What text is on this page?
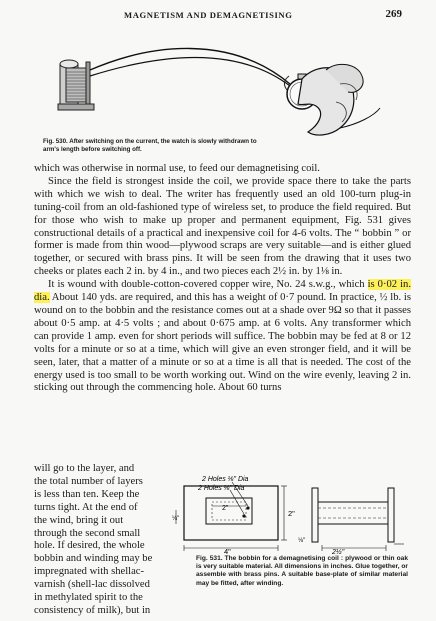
MAGNETISM AND DEMAGNETISING	269
Fig. 530. After switching on the current, the watch is slowly withdrawn to arm's length before switching off.

which was otherwise in normal use, to feed our demagnetising coil.

Since the field is strongest inside the coil, we provide space there to take the parts with which we wish to deal. The writer has frequently used an old 100-turn plug-in tuning-coil from an old-fashioned type of wireless set, to produce the field required. But for those who wish to make up proper and permanent equipment, Fig. 531 gives constructional details of a practical and inexpensive coil for 4-6 volts. The “ bobbin ” or former is made from thin wood—plywood scraps are very suitable—and is either glued together, or secured with brass pins. It will be seen from the drawing that it uses two cheeks or plates each 2 in. by 4 in., and two pieces each 2½ in. by 1⅛ in.

It is wound with double-cotton-covered copper wire, No. 24 s.w.g., which is 0·02 in. dia. About 140 yds. are required, and this has a weight of 0·7 pound. In practice, ½ lb. is wound on to the bobbin and the resistance comes out at a shade over 9Ω so that it passes about 0·5 amp. at 4·5 volts ; and about 0·675 amp. at 6 volts. Any transformer which can provide 1 amp. even for short periods will suffice. The bobbin may be fed at 8 or 12 volts for a minute or so at a time, which will give an even stronger field, and it will be seen, later, that a matter of a minute or so at a time is all that is needed. The cost of the energy used is too small to be worth working out. Wind on the wire evenly, leaving 2 in. sticking out through the commencing hole. About 60 turns

will go to the layer, and

the total number of layers

is less than ten. Keep the

turns tight. At the end of

the wind, bring it out

through the second small

hole. If desired, the whole

bobbin and winding may be

impregnated with shellac-

varnish (shell-lac dissolved

in methylated spirit to the

consistency of milk), but in

2 Holes ⅛" Dia
2 Holes ⅛" Dia
2"
4"
2"
⅛"
2½"
⅛"
Fig. 531. The bobbin for a demagnetising coil : plywood or thin oak is very suitable material. All dimensions in inches. Glue together, or assemble with brass pins. A suitable base-plate of similar material may be fitted, after winding.
